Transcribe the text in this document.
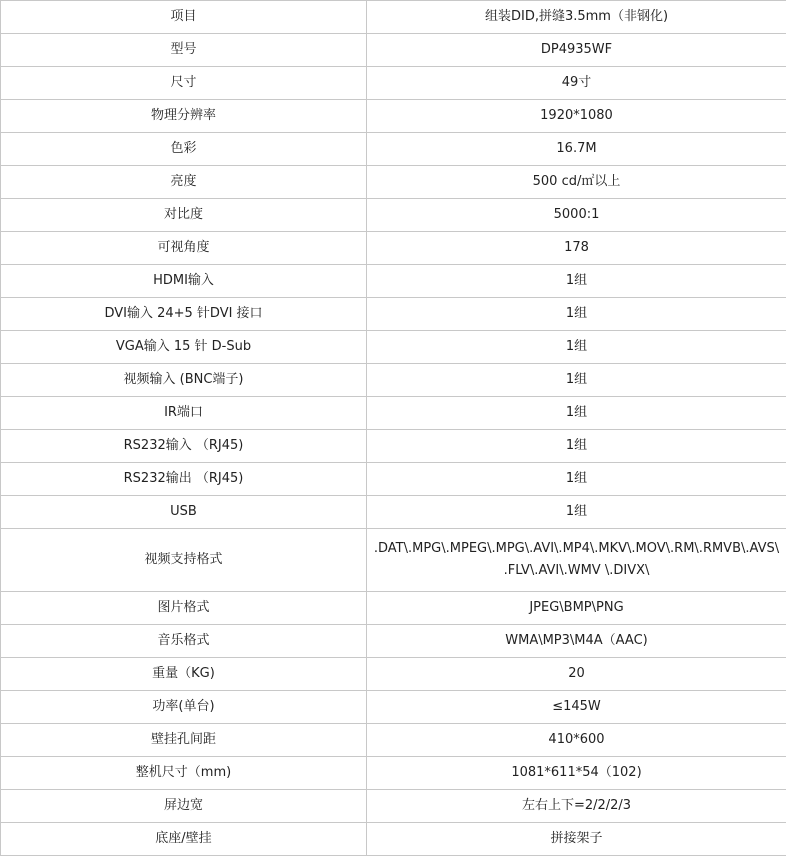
项目	组装DID,拼缝3.5mm（非钢化)
型号	DP4935WF
尺寸	49寸
物理分辨率	1920*1080
色彩	16.7M
亮度	500 cd/㎡以上
对比度	5000:1
可视角度	178
HDMI输入	1组
DVI输入 24+5 针DVI 接口	1组
VGA输入 15 针 D-Sub	1组
视频输入 (BNC端子)	1组
IR端口	1组
RS232输入 （RJ45)	1组
RS232输出 （RJ45)	1组
USB	1组
视频支持格式	.DAT\.MPG\.MPEG\.MPG\.AVI\.MP4\.MKV\.MOV\.RM\.RMVB\.AVS\
.FLV\.AVI\.WMV \.DIVX\

图片格式	JPEG\BMP\PNG
音乐格式	WMA\MP3\M4A（AAC)
重量（KG)	20
功率(单台)	≤145W
壁挂孔间距	410*600
整机尺寸（mm)	1081*611*54（102)
屏边宽	左右上下=2/2/2/3
底座/壁挂	拼接架子
